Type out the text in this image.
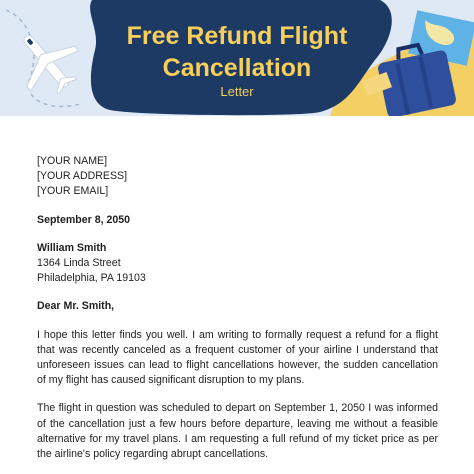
Free Refund Flight
Cancellation
Letter
[YOUR NAME]
[YOUR ADDRESS]
[YOUR EMAIL]
September 8, 2050
William Smith
1364 Linda Street
Philadelphia, PA 19103
Dear Mr. Smith,
I hope this letter finds you well. I am writing to formally request a refund for a flight that was recently canceled as a frequent customer of your airline I understand that unforeseen issues can lead to flight cancellations however, the sudden cancellation of my flight has caused significant disruption to my plans.
The flight in question was scheduled to depart on September 1, 2050 I was informed of the cancellation just a few hours before departure, leaving me without a feasible alternative for my travel plans. I am requesting a full refund of my ticket price as per the airline's policy regarding abrupt cancellations.
